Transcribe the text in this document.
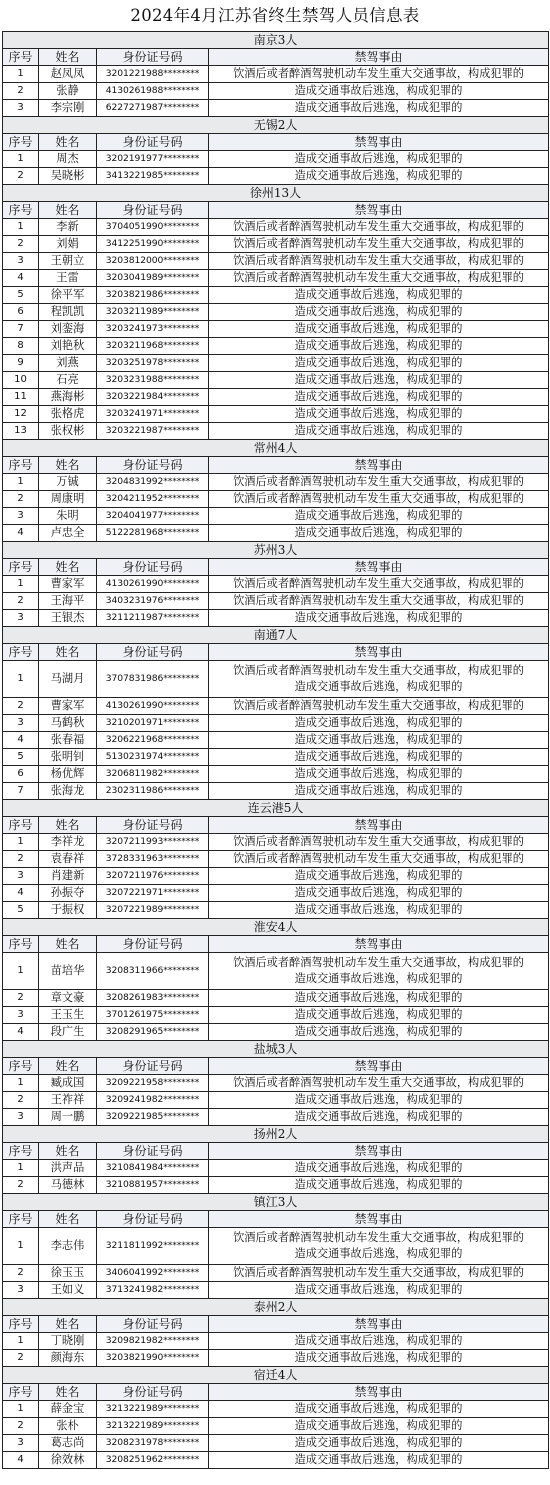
2024年4月江苏省终生禁驾人员信息表
南京3人			
序号	姓名	身份证号码	禁驾事由
1	赵凤凤	3201221988********	饮酒后或者醉酒驾驶机动车发生重大交通事故，构成犯罪的
2	张静	4130261988********	造成交通事故后逃逸，构成犯罪的
3	李宗刚	6227271987********	造成交通事故后逃逸，构成犯罪的
无锡2人			
序号	姓名	身份证号码	禁驾事由
1	周杰	3202191977********	造成交通事故后逃逸，构成犯罪的
2	吴晓彬	3413221985********	造成交通事故后逃逸，构成犯罪的
徐州13人			
序号	姓名	身份证号码	禁驾事由
1	李新	3704051990********	饮酒后或者醉酒驾驶机动车发生重大交通事故，构成犯罪的
2	刘娟	3412251990********	饮酒后或者醉酒驾驶机动车发生重大交通事故，构成犯罪的
3	王朝立	3203812000********	饮酒后或者醉酒驾驶机动车发生重大交通事故，构成犯罪的
4	王雷	3203041989********	饮酒后或者醉酒驾驶机动车发生重大交通事故，构成犯罪的
5	徐平军	3203821986********	造成交通事故后逃逸，构成犯罪的
6	程凯凯	3203211989********	造成交通事故后逃逸，构成犯罪的
7	刘銮海	3203241973********	造成交通事故后逃逸，构成犯罪的
8	刘艳秋	3203211968********	造成交通事故后逃逸，构成犯罪的
9	刘燕	3203251978********	造成交通事故后逃逸，构成犯罪的
10	石亮	3203231988********	造成交通事故后逃逸，构成犯罪的
11	燕海彬	3203221984********	造成交通事故后逃逸，构成犯罪的
12	张格虎	3203241971********	造成交通事故后逃逸，构成犯罪的
13	张权彬	3203221987********	造成交通事故后逃逸，构成犯罪的
常州4人			
序号	姓名	身份证号码	禁驾事由
1	万铖	3204831992********	饮酒后或者醉酒驾驶机动车发生重大交通事故，构成犯罪的
2	周康明	3204211952********	饮酒后或者醉酒驾驶机动车发生重大交通事故，构成犯罪的
3	朱明	3204041977********	造成交通事故后逃逸，构成犯罪的
4	卢忠全	5122281968********	造成交通事故后逃逸，构成犯罪的
苏州3人			
序号	姓名	身份证号码	禁驾事由
1	曹家军	4130261990********	饮酒后或者醉酒驾驶机动车发生重大交通事故，构成犯罪的
2	王海平	3403231976********	饮酒后或者醉酒驾驶机动车发生重大交通事故，构成犯罪的
3	王银杰	3211211987********	造成交通事故后逃逸，构成犯罪的
南通7人			
序号	姓名	身份证号码	禁驾事由
1	马湖月	3707831986********	饮酒后或者醉酒驾驶机动车发生重大交通事故，构成犯罪的
造成交通事故后逃逸，构成犯罪的

2	曹家军	4130261990********	饮酒后或者醉酒驾驶机动车发生重大交通事故，构成犯罪的
3	马鹤秋	3210201971********	造成交通事故后逃逸，构成犯罪的
4	张春福	3206221968********	造成交通事故后逃逸，构成犯罪的
5	张明钊	5130231974********	造成交通事故后逃逸，构成犯罪的
6	杨优辉	3206811982********	造成交通事故后逃逸，构成犯罪的
7	张海龙	2302311986********	造成交通事故后逃逸，构成犯罪的
连云港5人			
序号	姓名	身份证号码	禁驾事由
1	李祥龙	3207211993********	饮酒后或者醉酒驾驶机动车发生重大交通事故，构成犯罪的
2	袁春祥	3728331963********	饮酒后或者醉酒驾驶机动车发生重大交通事故，构成犯罪的
3	肖建新	3207211976********	造成交通事故后逃逸，构成犯罪的
4	孙振夺	3207221971********	造成交通事故后逃逸，构成犯罪的
5	于振权	3207221989********	造成交通事故后逃逸，构成犯罪的
淮安4人			
序号	姓名	身份证号码	禁驾事由
1	苗培华	3208311966********	饮酒后或者醉酒驾驶机动车发生重大交通事故，构成犯罪的
造成交通事故后逃逸，构成犯罪的

2	章文豪	3208261983********	造成交通事故后逃逸，构成犯罪的
3	王玉生	3701261975********	造成交通事故后逃逸，构成犯罪的
4	段广生	3208291965********	造成交通事故后逃逸，构成犯罪的
盐城3人			
序号	姓名	身份证号码	禁驾事由
1	臧成国	3209221958********	饮酒后或者醉酒驾驶机动车发生重大交通事故，构成犯罪的
2	王祚祥	3209241982********	造成交通事故后逃逸，构成犯罪的
3	周一鹏	3209221985********	造成交通事故后逃逸，构成犯罪的
扬州2人			
序号	姓名	身份证号码	禁驾事由
1	洪声品	3210841984********	造成交通事故后逃逸，构成犯罪的
2	马德林	3210881957********	造成交通事故后逃逸，构成犯罪的
镇江3人			
序号	姓名	身份证号码	禁驾事由
1	李志伟	3211811992********	饮酒后或者醉酒驾驶机动车发生重大交通事故，构成犯罪的
造成交通事故后逃逸，构成犯罪的

2	徐玉玉	3406041992********	饮酒后或者醉酒驾驶机动车发生重大交通事故，构成犯罪的
3	王如义	3713241982********	造成交通事故后逃逸，构成犯罪的
泰州2人			
序号	姓名	身份证号码	禁驾事由
1	丁晓刚	3209821982********	造成交通事故后逃逸，构成犯罪的
2	颜海东	3203821990********	造成交通事故后逃逸，构成犯罪的
宿迁4人			
序号	姓名	身份证号码	禁驾事由
1	薛金宝	3213221989********	造成交通事故后逃逸，构成犯罪的
2	张朴	3213221989********	造成交通事故后逃逸，构成犯罪的
3	葛志尚	3208231978********	造成交通事故后逃逸，构成犯罪的
4	徐效林	3208251962********	造成交通事故后逃逸，构成犯罪的
